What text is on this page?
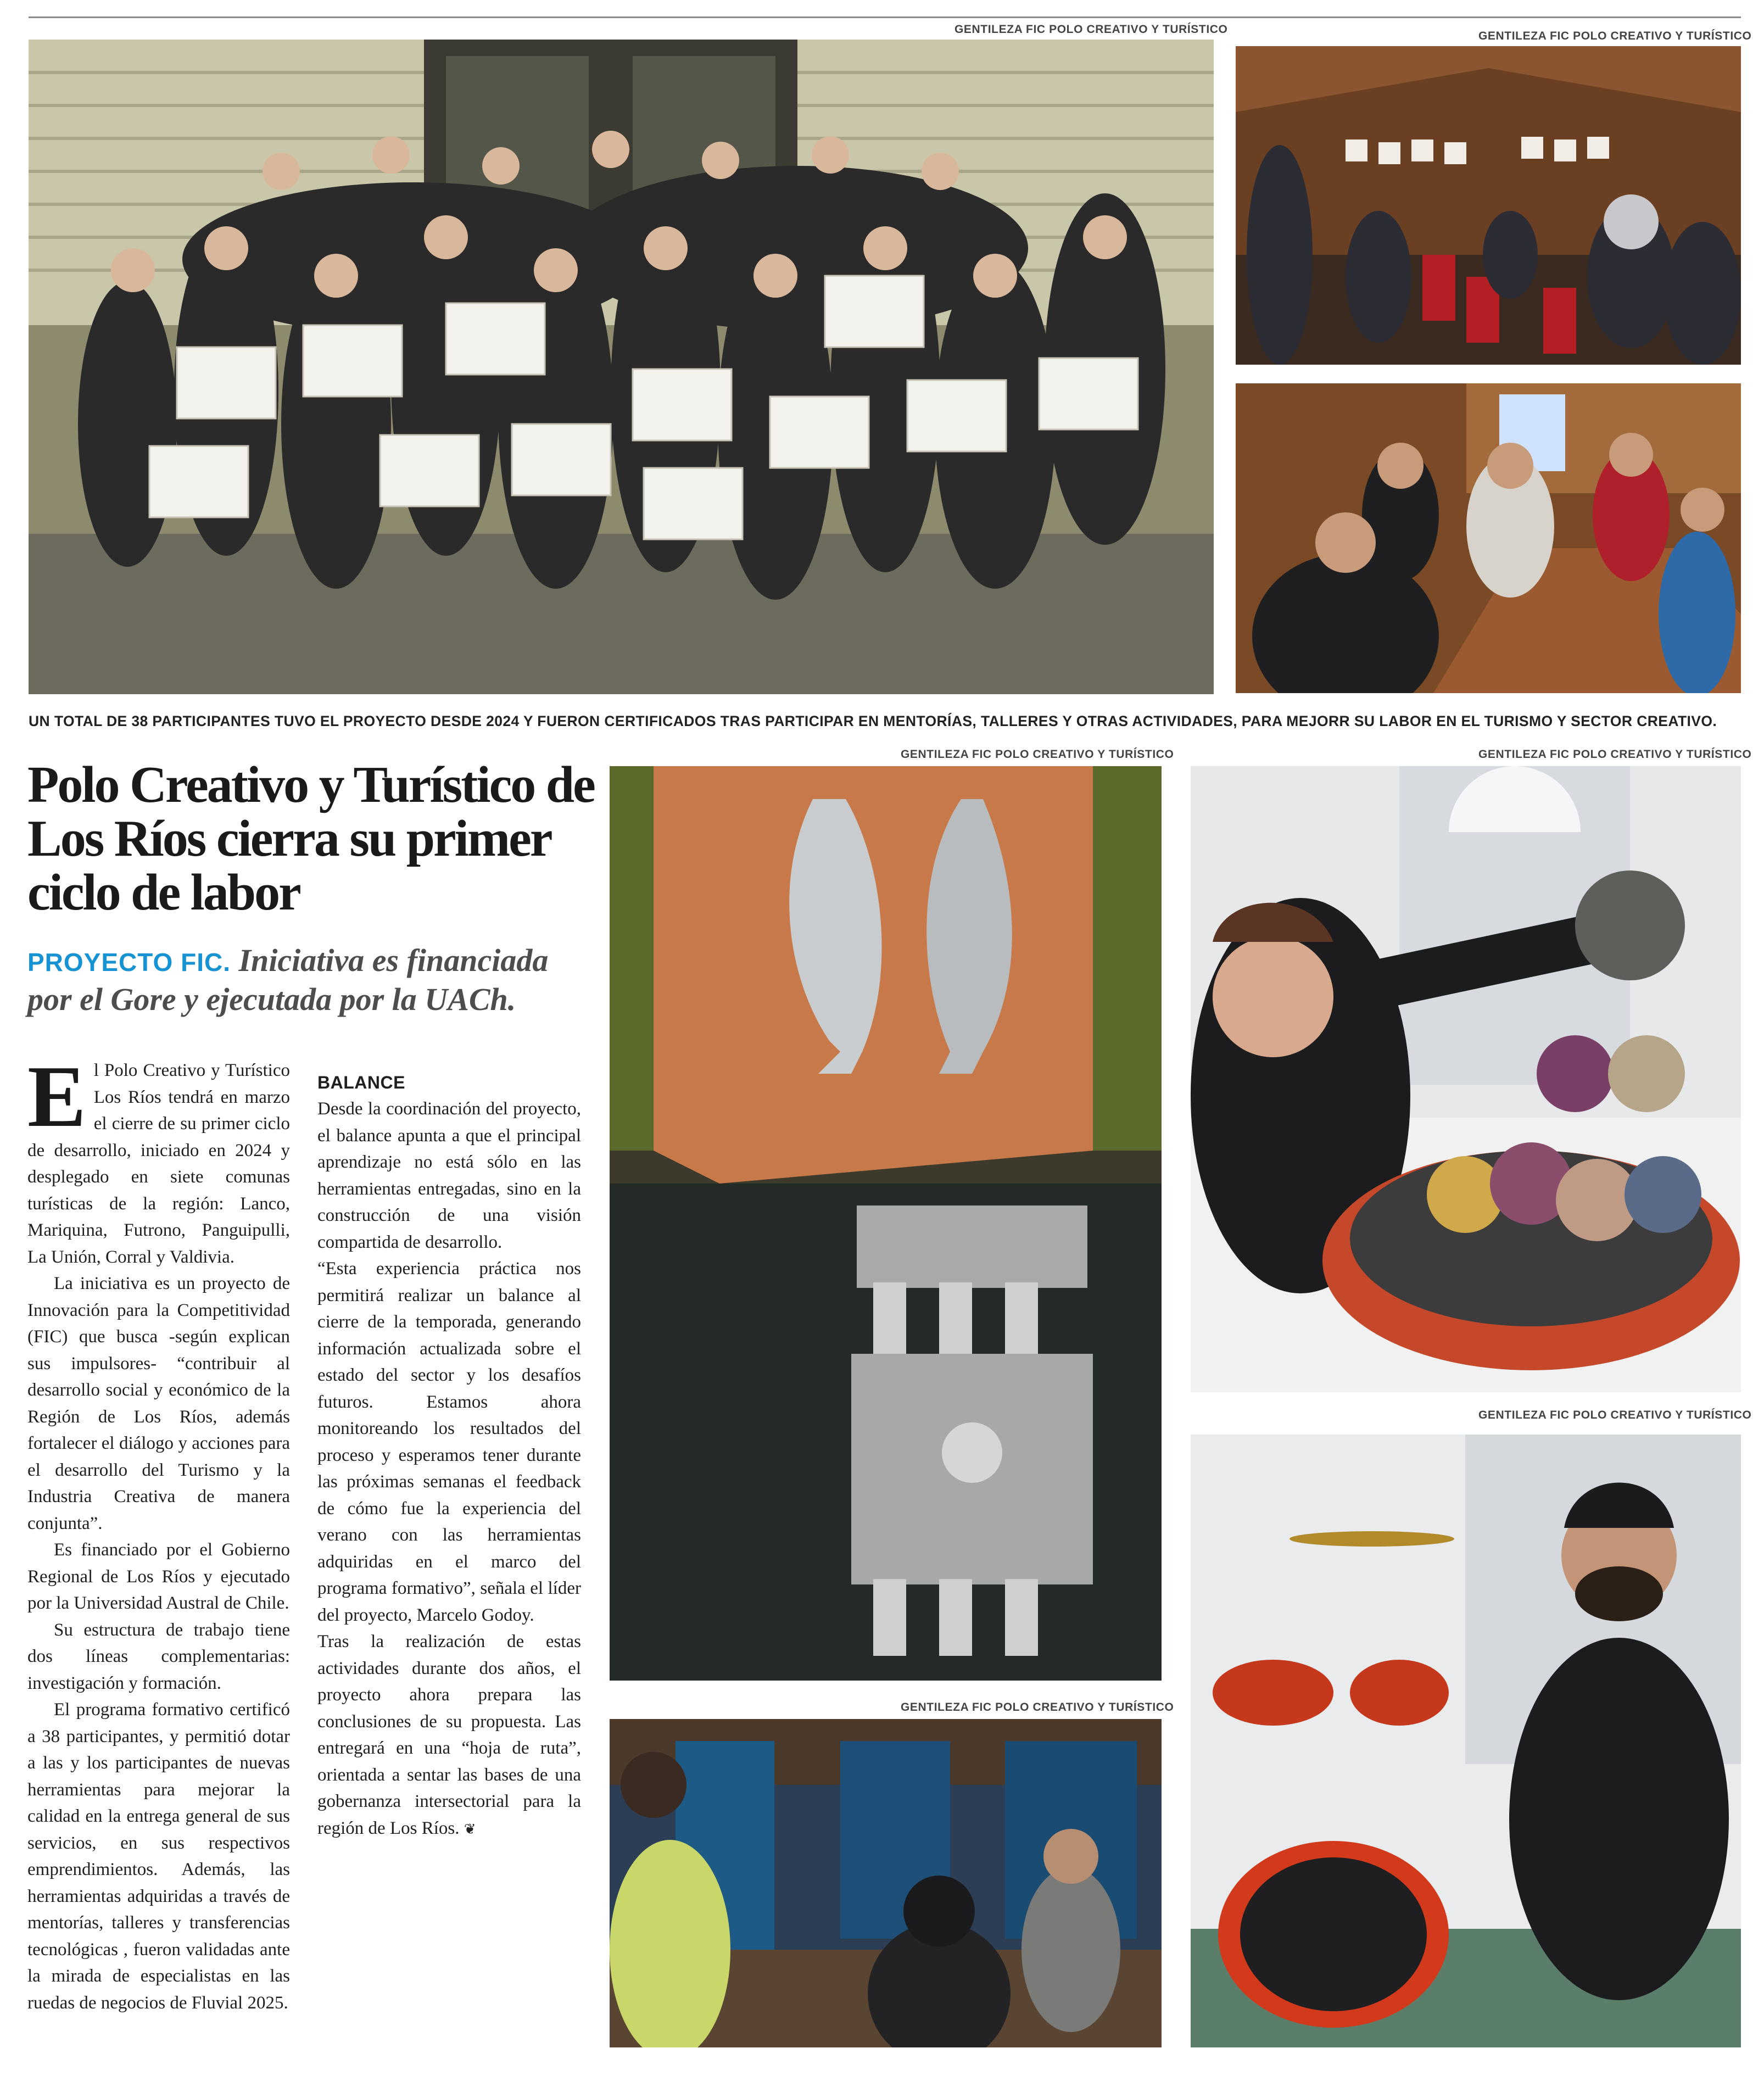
GENTILEZA FIC POLO CREATIVO Y TURÍSTICO
GENTILEZA FIC POLO CREATIVO Y TURÍSTICO
GENTILEZA FIC POLO CREATIVO Y TURÍSTICO	GENTILEZA FIC POLO CREATIVO Y TURÍSTICO
GENTILEZA FIC POLO CREATIVO Y TURÍSTICO
GENTILEZA FIC POLO CREATIVO Y TURÍSTICO
UN TOTAL DE 38 PARTICIPANTES TUVO EL PROYECTO DESDE 2024 Y FUERON CERTIFICADOS TRAS PARTICIPAR EN MENTORÍAS, TALLERES Y OTRAS ACTIVIDADES, PARA MEJORR SU LABOR EN EL TURISMO Y SECTOR CREATIVO.
Polo Creativo y Turístico de Los Ríos cierra su primer ciclo de labor
PROYECTO FIC. Iniciativa es financiada por el Gore y ejecutada por la UACh.

El Polo Creativo y Turístico Los Ríos tendrá en marzo el cierre de su primer ciclo de desarrollo, iniciado en 2024 y desplegado en siete comunas turísticas de la región: Lanco, Mariquina, Futrono, Panguipulli, La Unión, Corral y Valdivia.

La iniciativa es un proyecto de Innovación para la Competitividad (FIC) que busca -según explican sus impulsores- “contribuir al desarrollo social y económico de la Región de Los Ríos, además fortalecer el diálogo y acciones para el desarrollo del Turismo y la Industria Creativa de manera conjunta”.

Es financiado por el Gobierno Regional de Los Ríos y ejecutado por la Universidad Austral de Chile.

Su estructura de trabajo tiene dos líneas complementarias: investigación y formación.

El programa formativo certificó a 38 participantes, y permitió dotar a las y los participantes de nuevas herramientas para mejorar la calidad en la entrega general de sus servicios, en sus respectivos emprendimientos. Además, las herramientas adquiridas a través de mentorías, talleres y transferencias tecnológicas , fueron validadas ante la mirada de especialistas en las ruedas de negocios de Fluvial 2025.

BALANCE

Desde la coordinación del proyecto, el balance apunta a que el principal aprendizaje no está sólo en las herramientas entregadas, sino en la construcción de una visión compartida de desarrollo.

“Esta experiencia práctica nos permitirá realizar un balance al cierre de la temporada, generando información actualizada sobre el estado del sector y los desafíos futuros. Estamos ahora monitoreando los resultados del proceso y esperamos tener durante las próximas semanas el feedback de cómo fue la experiencia del verano con las herramientas adquiridas en el marco del programa formativo”, señala el líder del proyecto, Marcelo Godoy.

Tras la realización de estas actividades durante dos años, el proyecto ahora prepara las conclusiones de su propuesta. Las entregará en una “hoja de ruta”, orientada a sentar las bases de una gobernanza intersectorial para la región de Los Ríos. ❦
